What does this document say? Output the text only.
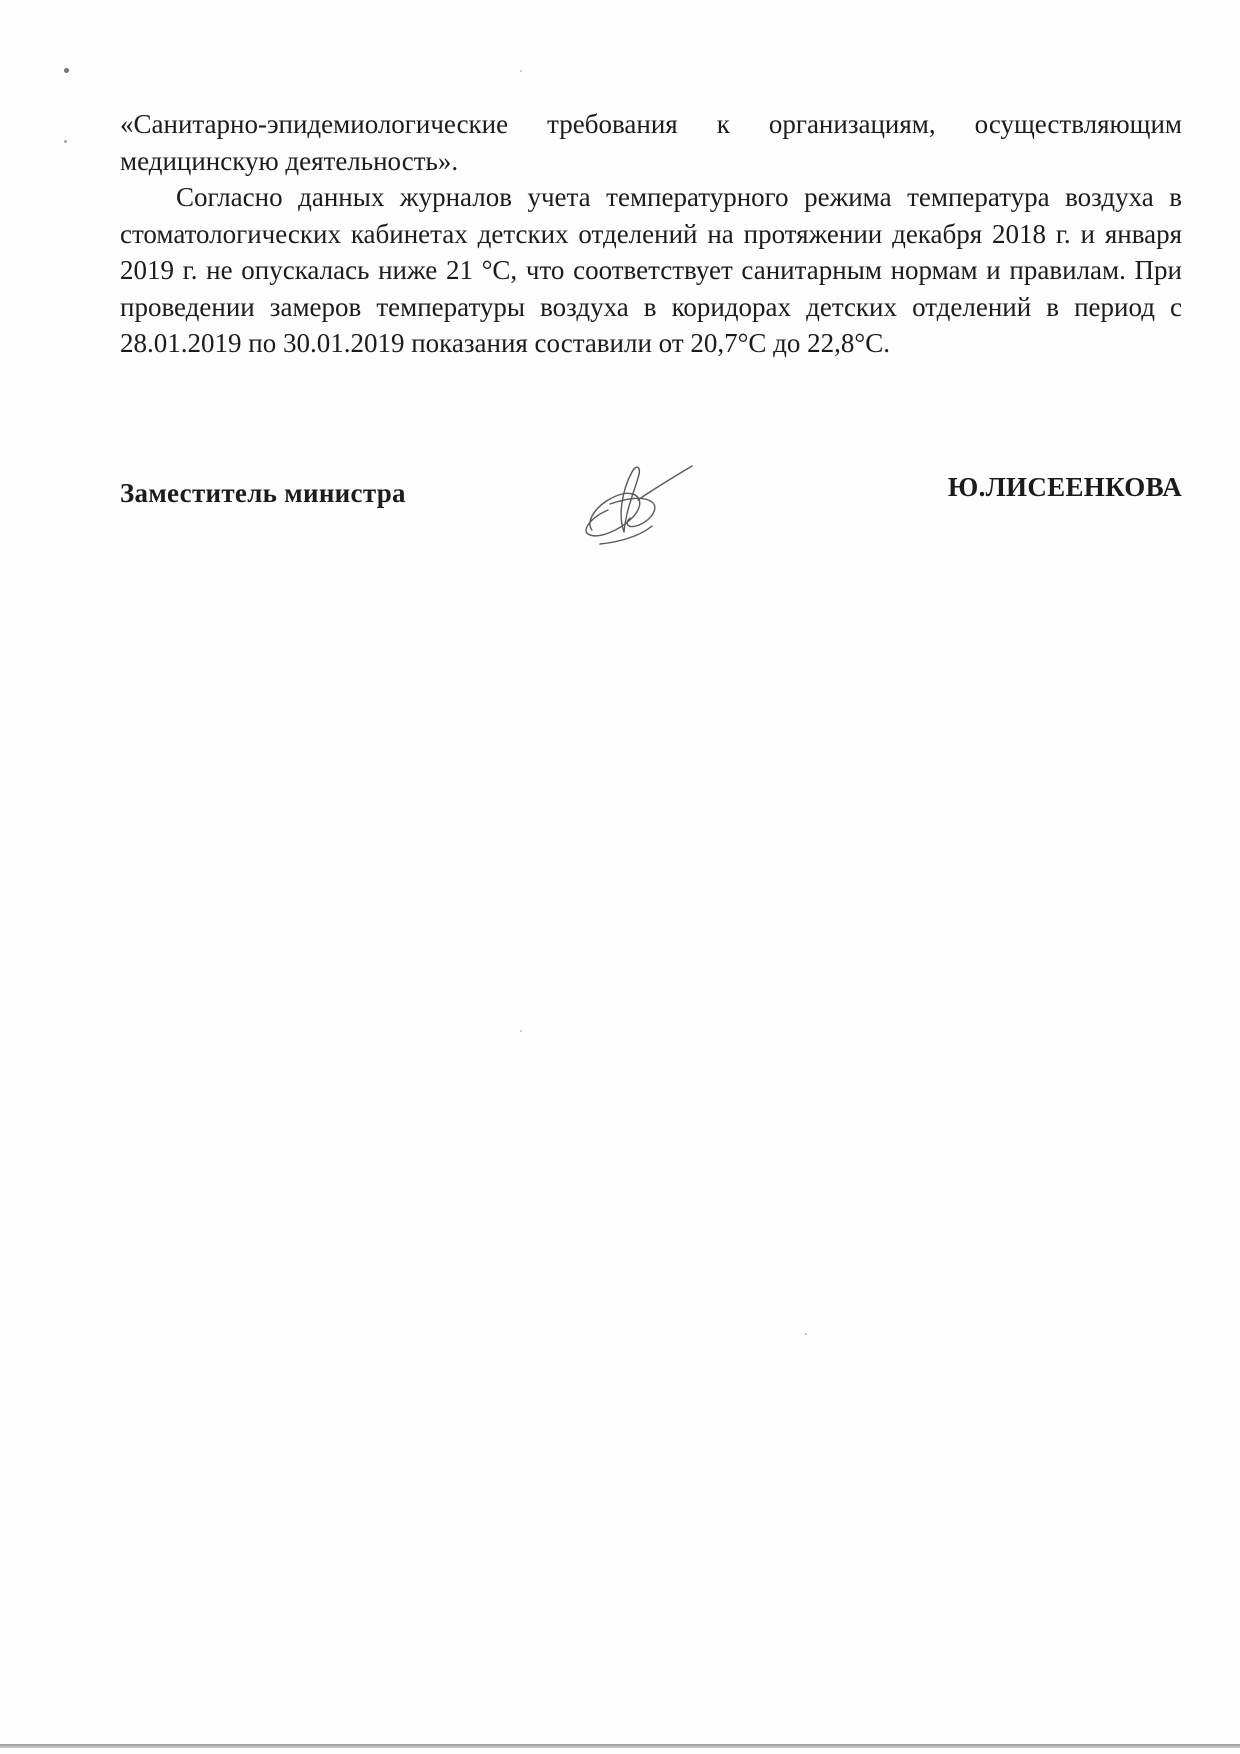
«Санитарно-эпидемиологические требования к организациям, осуществляющим медицинскую деятельность».

Согласно данных журналов учета температурного режима температура воздуха в стоматологических кабинетах детских отделений на протяжении декабря 2018 г. и января 2019 г. не опускалась ниже 21 °С, что соответствует санитарным нормам и правилам. При проведении замеров температуры воздуха в коридорах детских отделений в период с 28.01.2019 по 30.01.2019 показания составили от 20,7°С до 22,8°С.

Заместитель министра	Ю.ЛИСЕЕНКОВА
